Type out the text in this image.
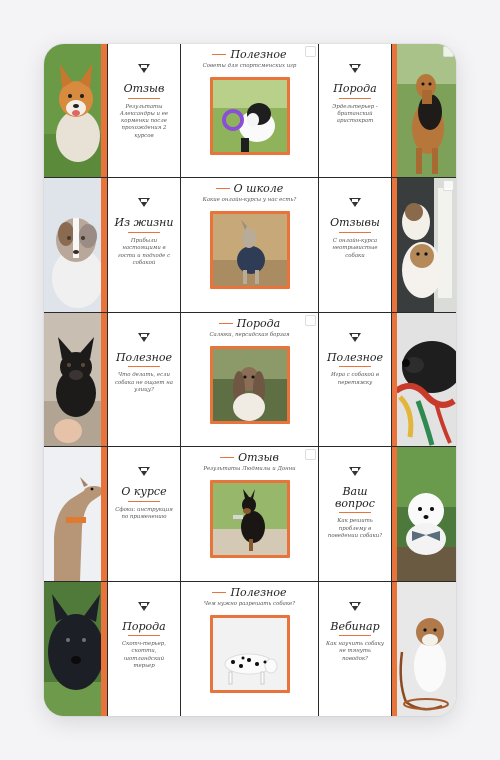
Отзыв
Результаты Александры и ее корменки после прохождения 2 курсов
Полезное
Советы для спортсменских игр
Порода
Эрдельтерьер - британский аристократ
Из жизни
Прибыли настоящими в гости и подходе с собакой
О школе
Какие онлайн-курсы у нас есть?
Отзывы
С онлайн-курса неотрывистые собаки
Полезное
Что делать, если собака не ощает на улицу?
Порода
Салюки, персидская борзая
Полезное
Игра с собакой в перетяжку
О курсе
Сфоки: инструкция по применению
Отзыв
Результаты Людмилы и Донни
Ваш вопрос
Как решить проблему в поведении собаки?
Порода
Скотч-терьер, скотти, шотландский терьер
Полезное
Чем нужно разрешать собаке?
Вебинар
Как научить собаку не тянуть поводок?
